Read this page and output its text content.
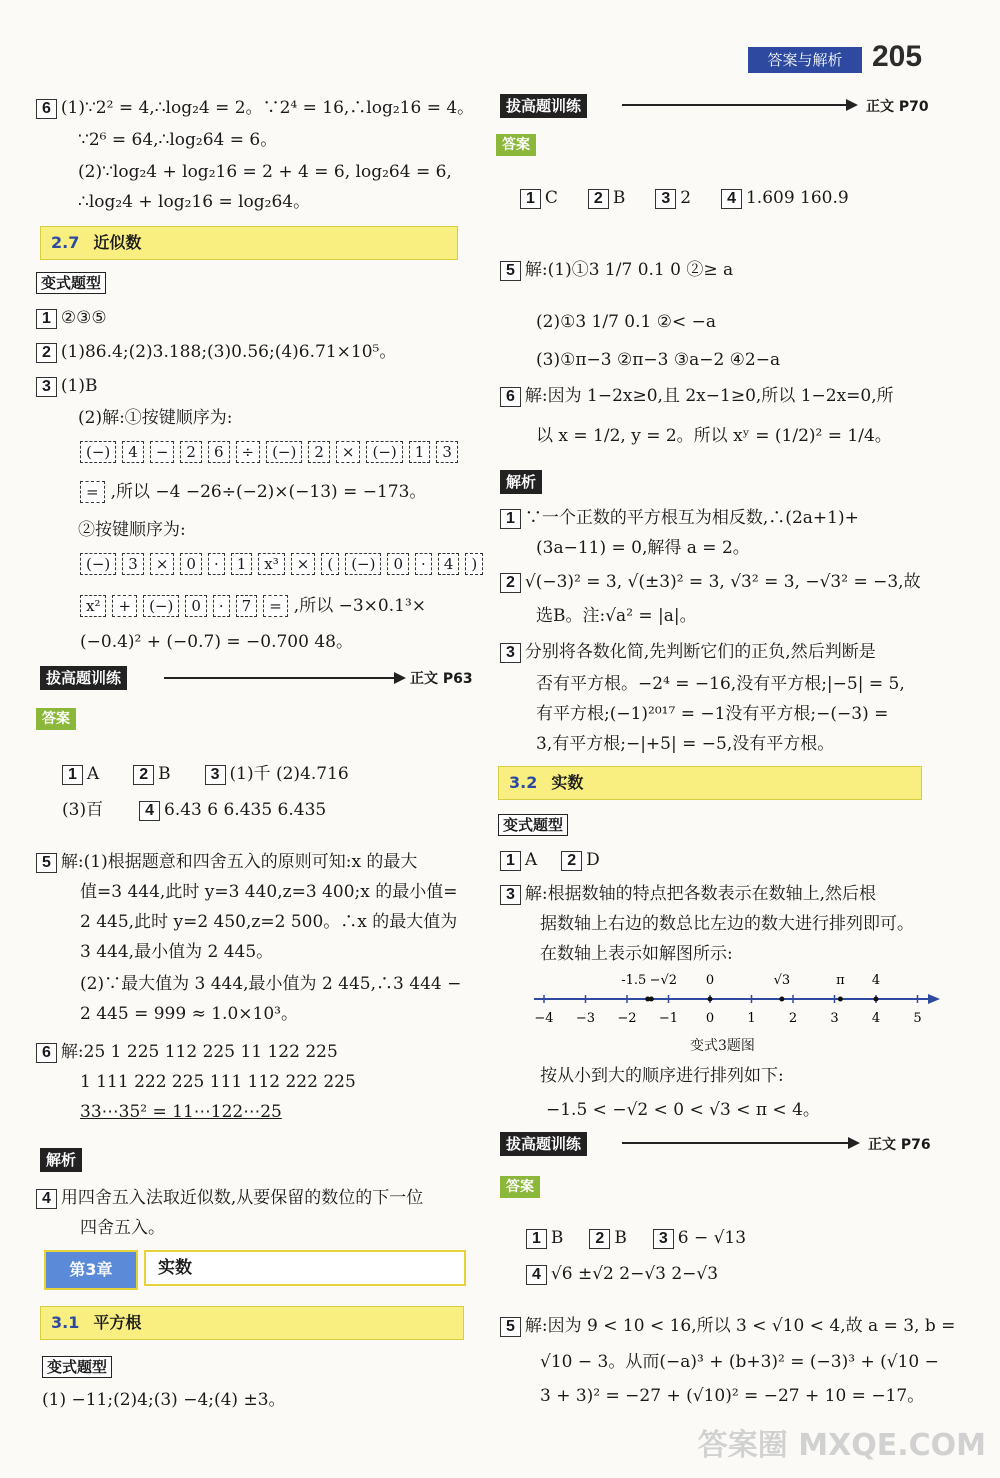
答案与解析 205
6 (1)∵2² = 4,∴log₂4 = 2。∵2⁴ = 16,∴log₂16 = 4。
∵2⁶ = 64,∴log₂64 = 6。
(2)∵log₂4 + log₂16 = 2 + 4 = 6, log₂64 = 6,
∴log₂4 + log₂16 = log₂64。
2.7 近似数
变式题型
1 ②③⑤
2 (1)86.4;(2)3.188;(3)0.56;(4)6.71×10⁵。
3 (1)B
(2)解:①按键顺序为:
(−) 4 − 2 6 ÷ (−) 2 × (−) 1 3
= ,所以 −4 −26÷(−2)×(−13) = −173。
②按键顺序为:
(−) 3 × 0 · 1 x³ × ( (−) 0 · 4 )
x² + (−) 0 · 7 = ,所以 −3×0.1³×
(−0.4)² + (−0.7) = −0.700 48。
拔高题训练	正文 P63
答案
1 A	2 B	3 (1)千 (2)4.716
(3)百	4 6.43 6 6.435 6.435
5 解:(1)根据题意和四舍五入的原则可知:x 的最大
值=3 444,此时 y=3 440,z=3 400;x 的最小值=
2 445,此时 y=2 450,z=2 500。∴x 的最大值为
3 444,最小值为 2 445。
(2)∵最大值为 3 444,最小值为 2 445,∴3 444 −
2 445 = 999 ≈ 1.0×10³。
6 解:25 1 225 112 225 11 122 225
1 111 222 225 111 112 222 225
33⋯35² = 11⋯122⋯25
解析
4 用四舍五入法取近似数,从要保留的数位的下一位
四舍五入。
第3章	实数
3.1 平方根
变式题型
(1) −11;(2)4;(3) −4;(4) ±3。
拔高题训练	正文 P70
答案
1 C 2 B 3 2 4 1.609 160.9
5 解:(1)①3 1/7 0.1 0 ②≥ a
(2)①3 1/7 0.1 ②< −a
(3)①π−3 ②π−3 ③a−2 ④2−a
6 解:因为 1−2x≥0,且 2x−1≥0,所以 1−2x=0,所
以 x = 1/2, y = 2。所以 xʸ = (1/2)² = 1/4。
解析
1 ∵一个正数的平方根互为相反数,∴(2a+1)+
(3a−11) = 0,解得 a = 2。
2 √(−3)² = 3, √(±3)² = 3, √3² = 3, −√3² = −3,故
选B。注:√a² = |a|。
3 分别将各数化简,先判断它们的正负,然后判断是
否有平方根。−2⁴ = −16,没有平方根;|−5| = 5,
有平方根;(−1)²⁰¹⁷ = −1没有平方根;−(−3) =
3,有平方根;−|+5| = −5,没有平方根。
3.2 实数
变式题型
1 A 2 D
3 解:根据数轴的特点把各数表示在数轴上,然后根
据数轴上右边的数总比左边的数大进行排列即可。
在数轴上表示如解图所示:
−4 −3 −2 −1 0	1	2	3	4	5
-1.5 −√2 0	√3	π 4
变式3题图
按从小到大的顺序进行排列如下:
−1.5 < −√2 < 0 < √3 < π < 4。
拔高题训练	正文 P76
答案
1 B 2 B 3 6 − √13
4 √6 ±√2 2−√3 2−√3
5 解:因为 9 < 10 < 16,所以 3 < √10 < 4,故 a = 3, b =
√10 − 3。从而(−a)³ + (b+3)² = (−3)³ + (√10 −
3 + 3)² = −27 + (√10)² = −27 + 10 = −17。
答案圈 MXQE.COM
